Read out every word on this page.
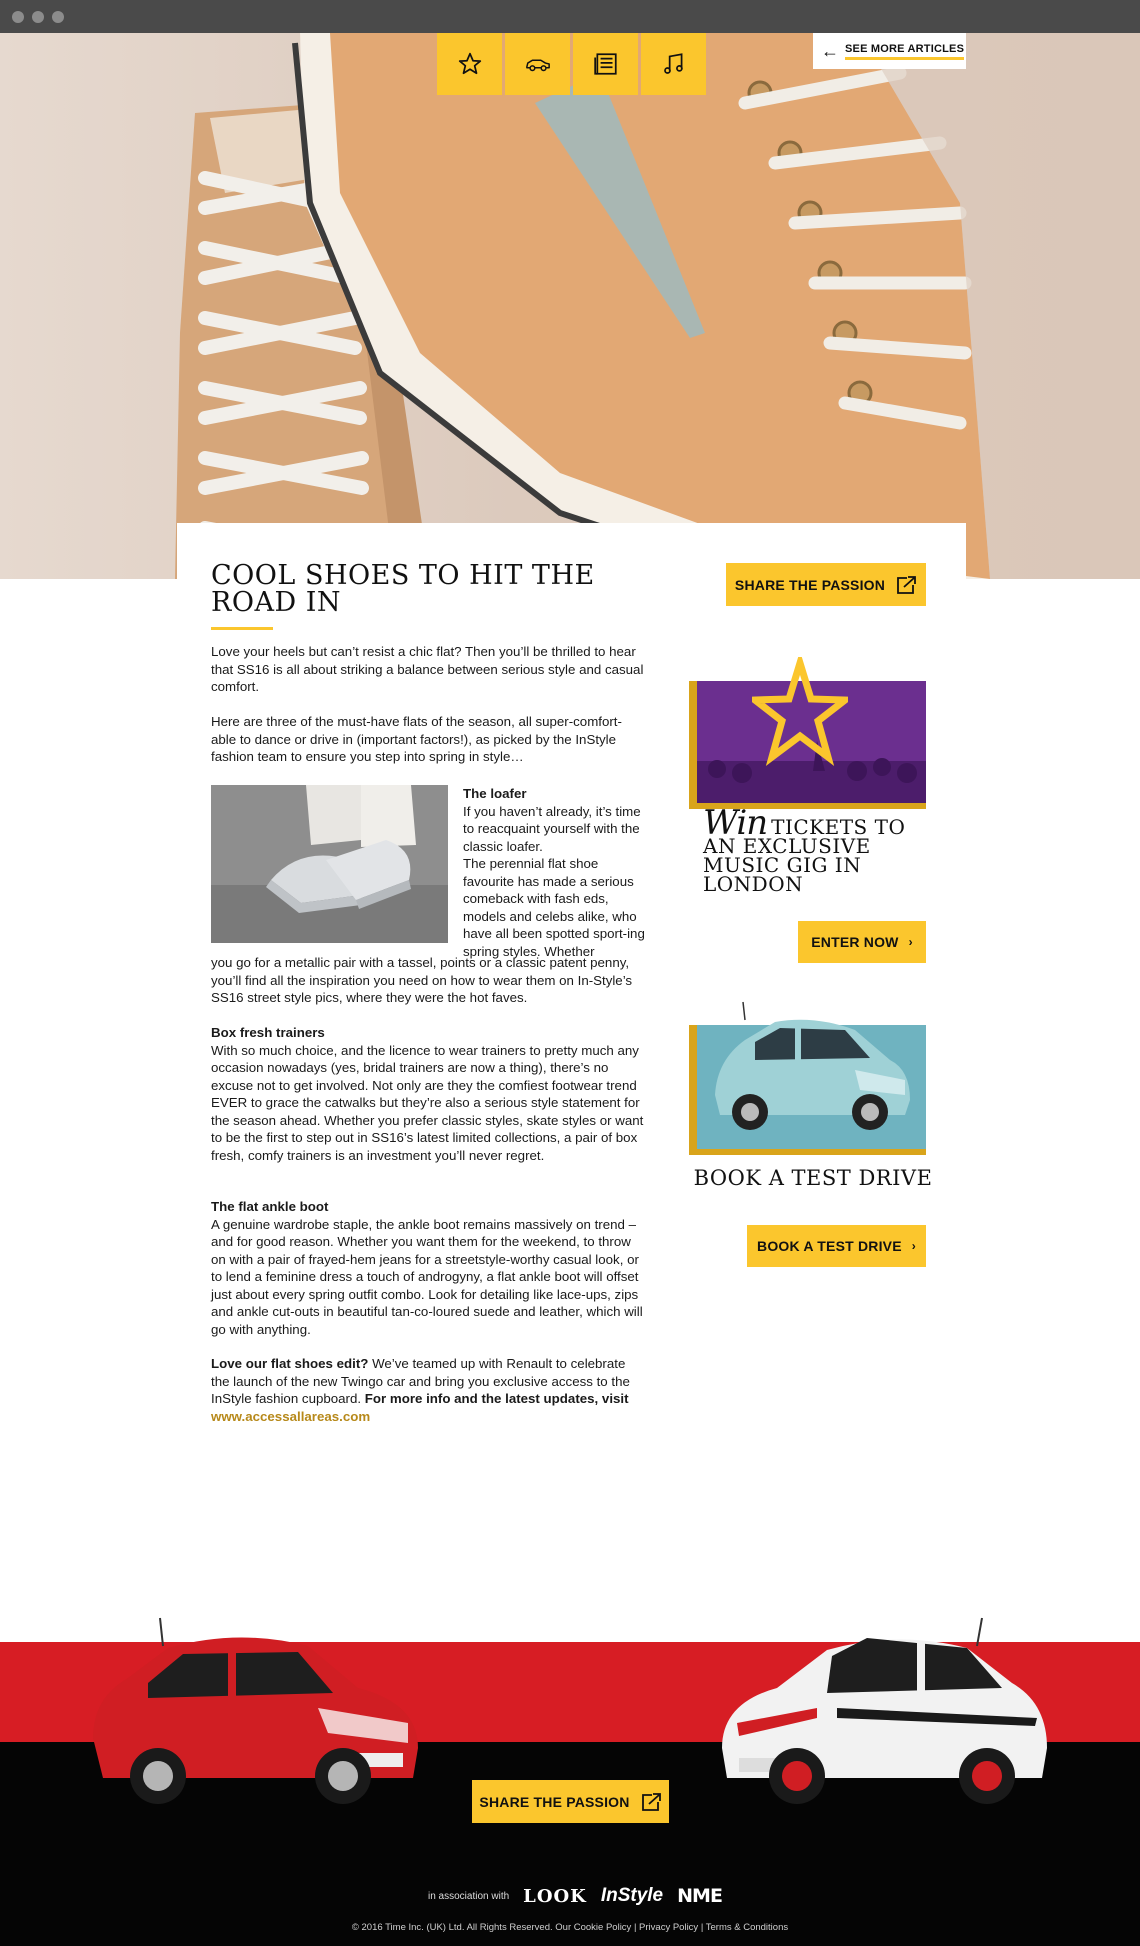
← SEE MORE ARTICLES
COOL SHOES TO HIT THE ROAD IN

Love your heels but can’t resist a chic flat? Then you’ll be thrilled to hear that SS16 is all about striking a balance between serious style and casual comfort.

Here are three of the must-have flats of the season, all super-comfort-able to dance or drive in (important factors!), as picked by the InStyle fashion team to ensure you step into spring in style…

The loafer
If you haven’t already, it’s time to reacquaint yourself with the classic loafer.
The perennial flat shoe favourite has made a serious comeback with fash eds, models and celebs alike, who have all been spotted sport-ing spring styles. Whether

you go for a metallic pair with a tassel, points or a classic patent penny, you’ll find all the inspiration you need on how to wear them on In-Style’s SS16 street style pics, where they were the hot faves.

Box fresh trainers
With so much choice, and the licence to wear trainers to pretty much any occasion nowadays (yes, bridal trainers are now a thing), there’s no excuse not to get involved. Not only are they the comfiest footwear trend EVER to grace the catwalks but they’re also a serious style statement for the season ahead. Whether you prefer classic styles, skate styles or want to be the first to step out in SS16’s latest limited collections, a pair of box fresh, comfy trainers is an investment you’ll never regret.
The flat ankle boot
A genuine wardrobe staple, the ankle boot remains massively on trend – and for good reason. Whether you want them for the weekend, to throw on with a pair of frayed-hem jeans for a streetstyle-worthy casual look, or to lend a feminine dress a touch of androgyny, a flat ankle boot will offset just about every spring outfit combo. Look for detailing like lace-ups, zips and ankle cut-outs in beautiful tan-co-loured suede and leather, which will go with anything.
Love our flat shoes edit? We’ve teamed up with Renault to celebrate the launch of the new Twingo car and bring you exclusive access to the InStyle fashion cupboard. For more info and the latest updates, visit
www.accessallareas.com
SHARE THE PASSION
Win TICKETS TO AN EXCLUSIVE MUSIC GIG IN LONDON
ENTER NOW ›
BOOK A TEST DRIVE
BOOK A TEST DRIVE ›
SHARE THE PASSION
in association with LOOK InStyle NME
© 2016 Time Inc. (UK) Ltd. All Rights Reserved. Our Cookie Policy | Privacy Policy | Terms & Conditions
